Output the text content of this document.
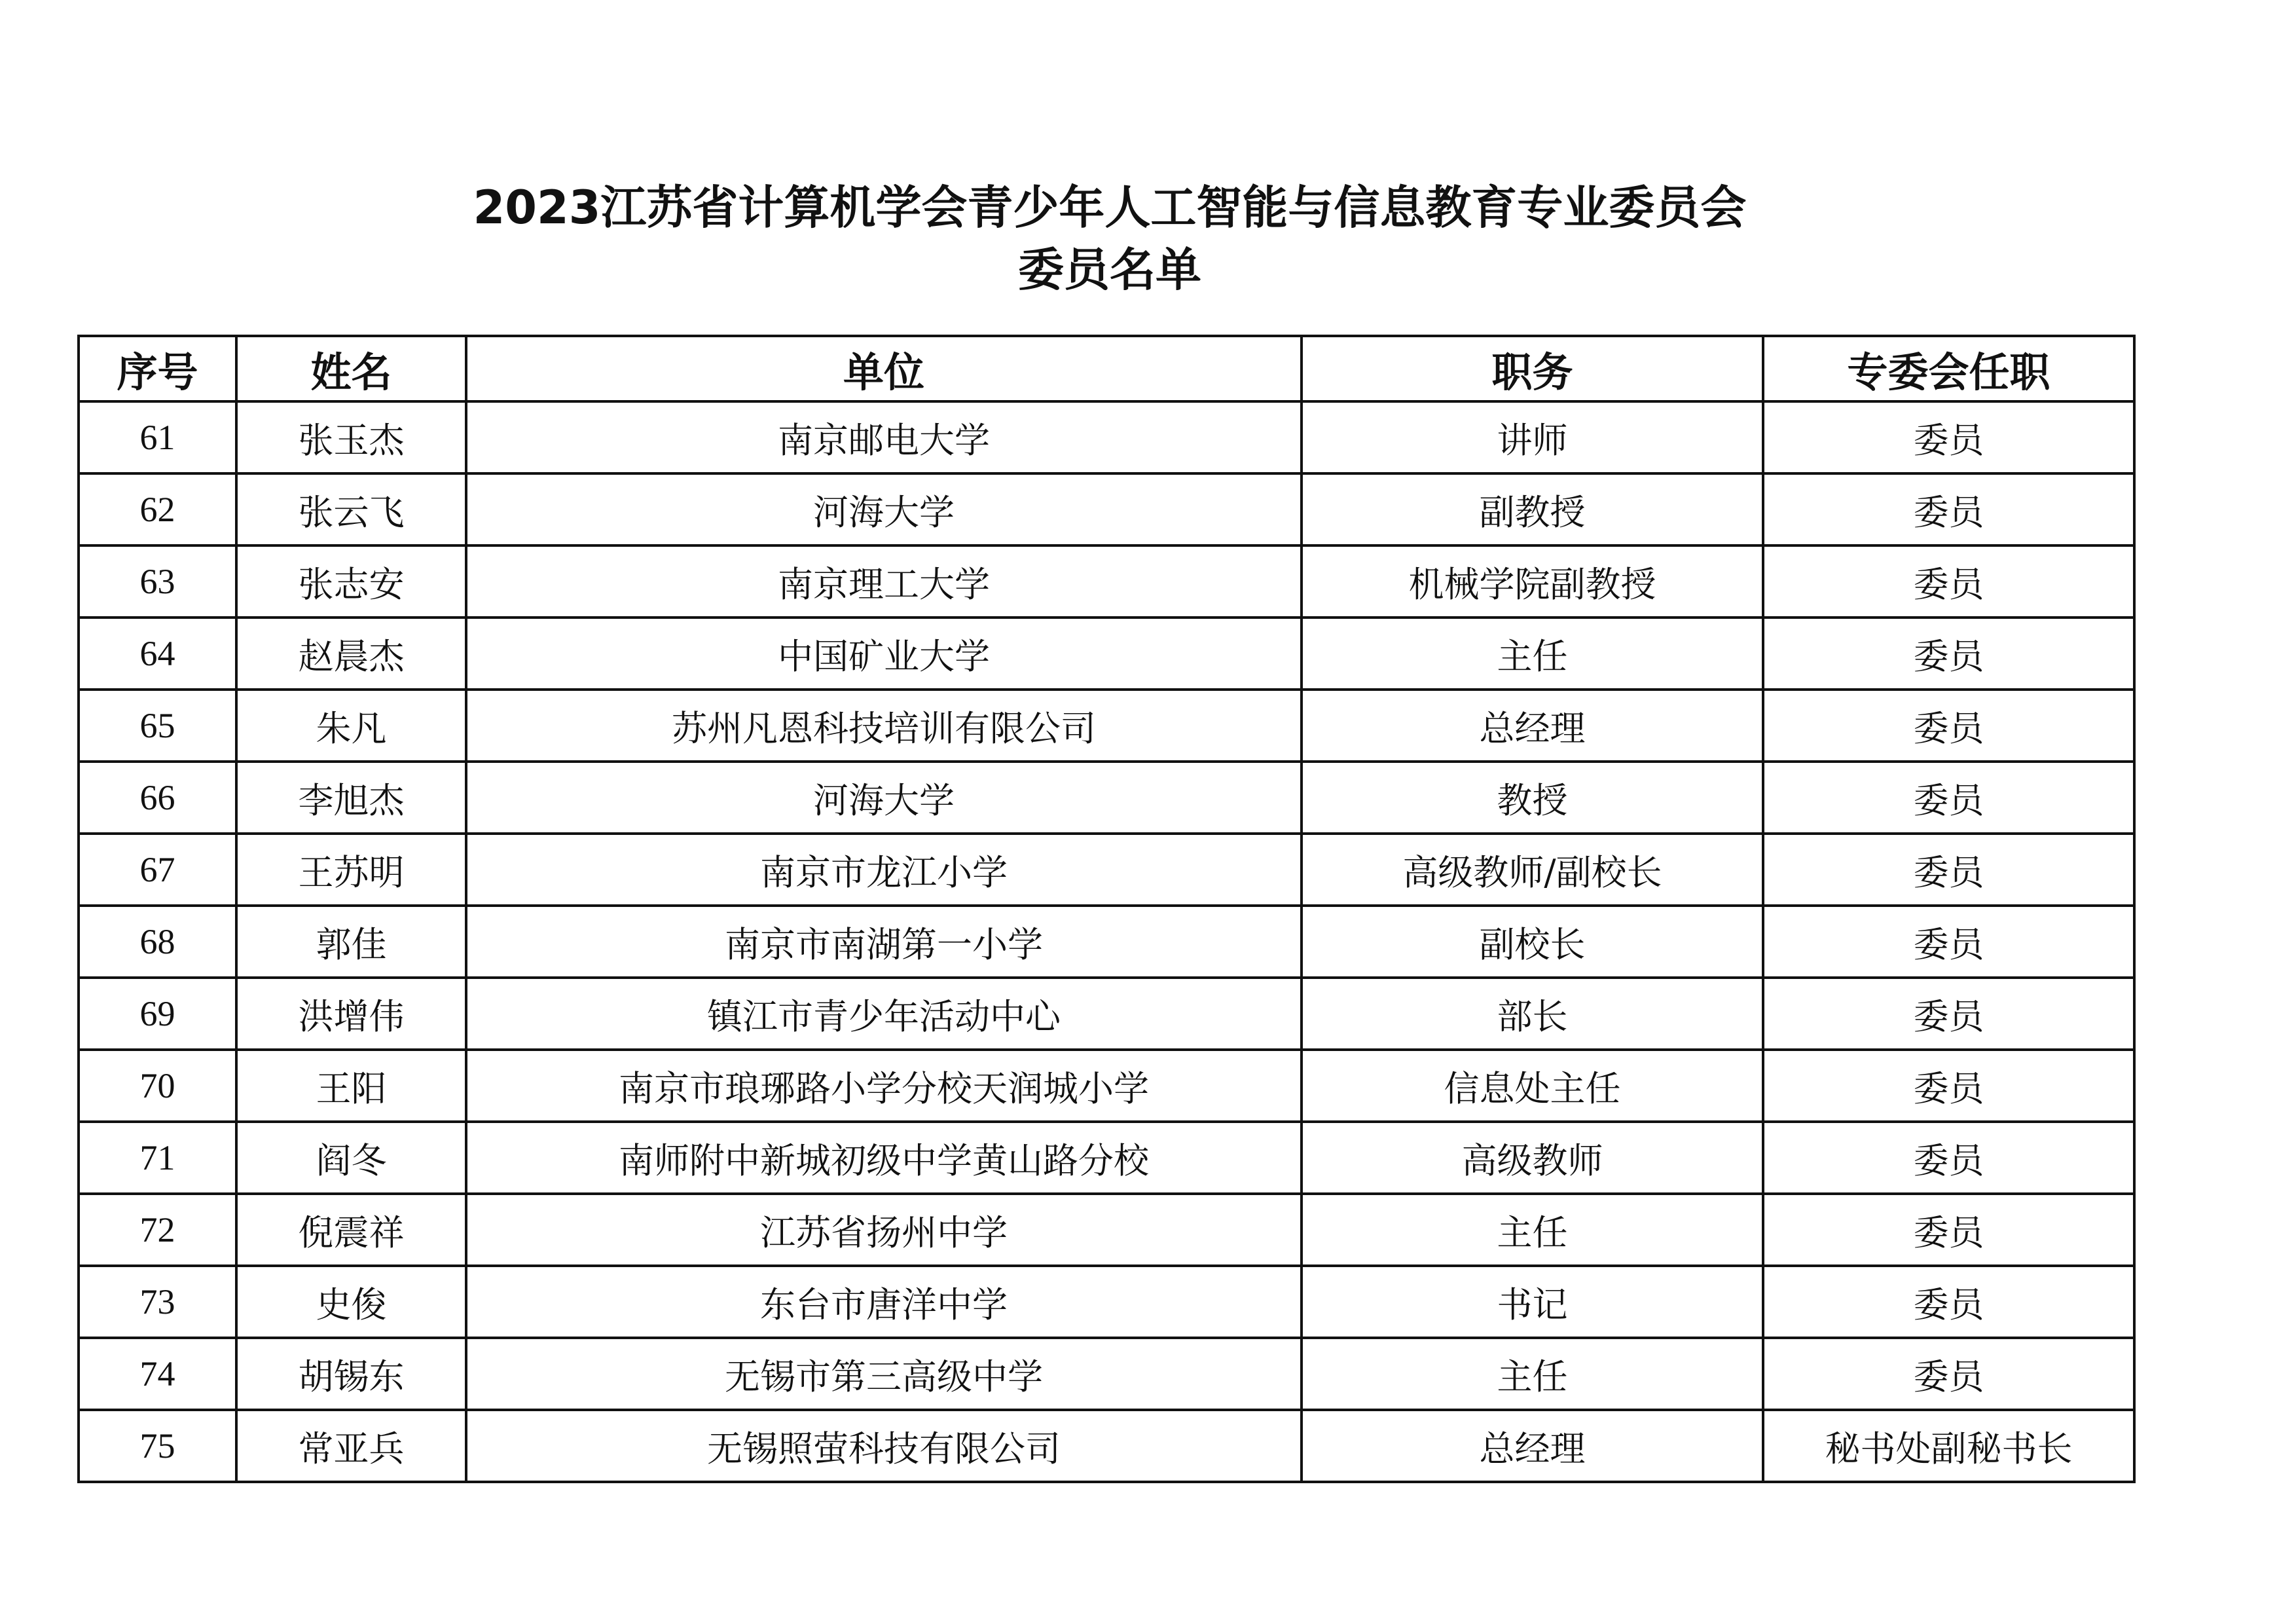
2023江苏省计算机学会青少年人工智能与信息教育专业委员会
委员名单
序号	姓名	单位	职务	专委会任职
61	张玉杰	南京邮电大学	讲师	委员
62	张云飞	河海大学	副教授	委员
63	张志安	南京理工大学	机械学院副教授	委员
64	赵晨杰	中国矿业大学	主任	委员
65	朱凡	苏州凡恩科技培训有限公司	总经理	委员
66	李旭杰	河海大学	教授	委员
67	王苏明	南京市龙江小学	高级教师/副校长	委员
68	郭佳	南京市南湖第一小学	副校长	委员
69	洪增伟	镇江市青少年活动中心	部长	委员
70	王阳	南京市琅琊路小学分校天润城小学	信息处主任	委员
71	阎冬	南师附中新城初级中学黄山路分校	高级教师	委员
72	倪震祥	江苏省扬州中学	主任	委员
73	史俊	东台市唐洋中学	书记	委员
74	胡锡东	无锡市第三高级中学	主任	委员
75	常亚兵	无锡照萤科技有限公司	总经理	秘书处副秘书长
